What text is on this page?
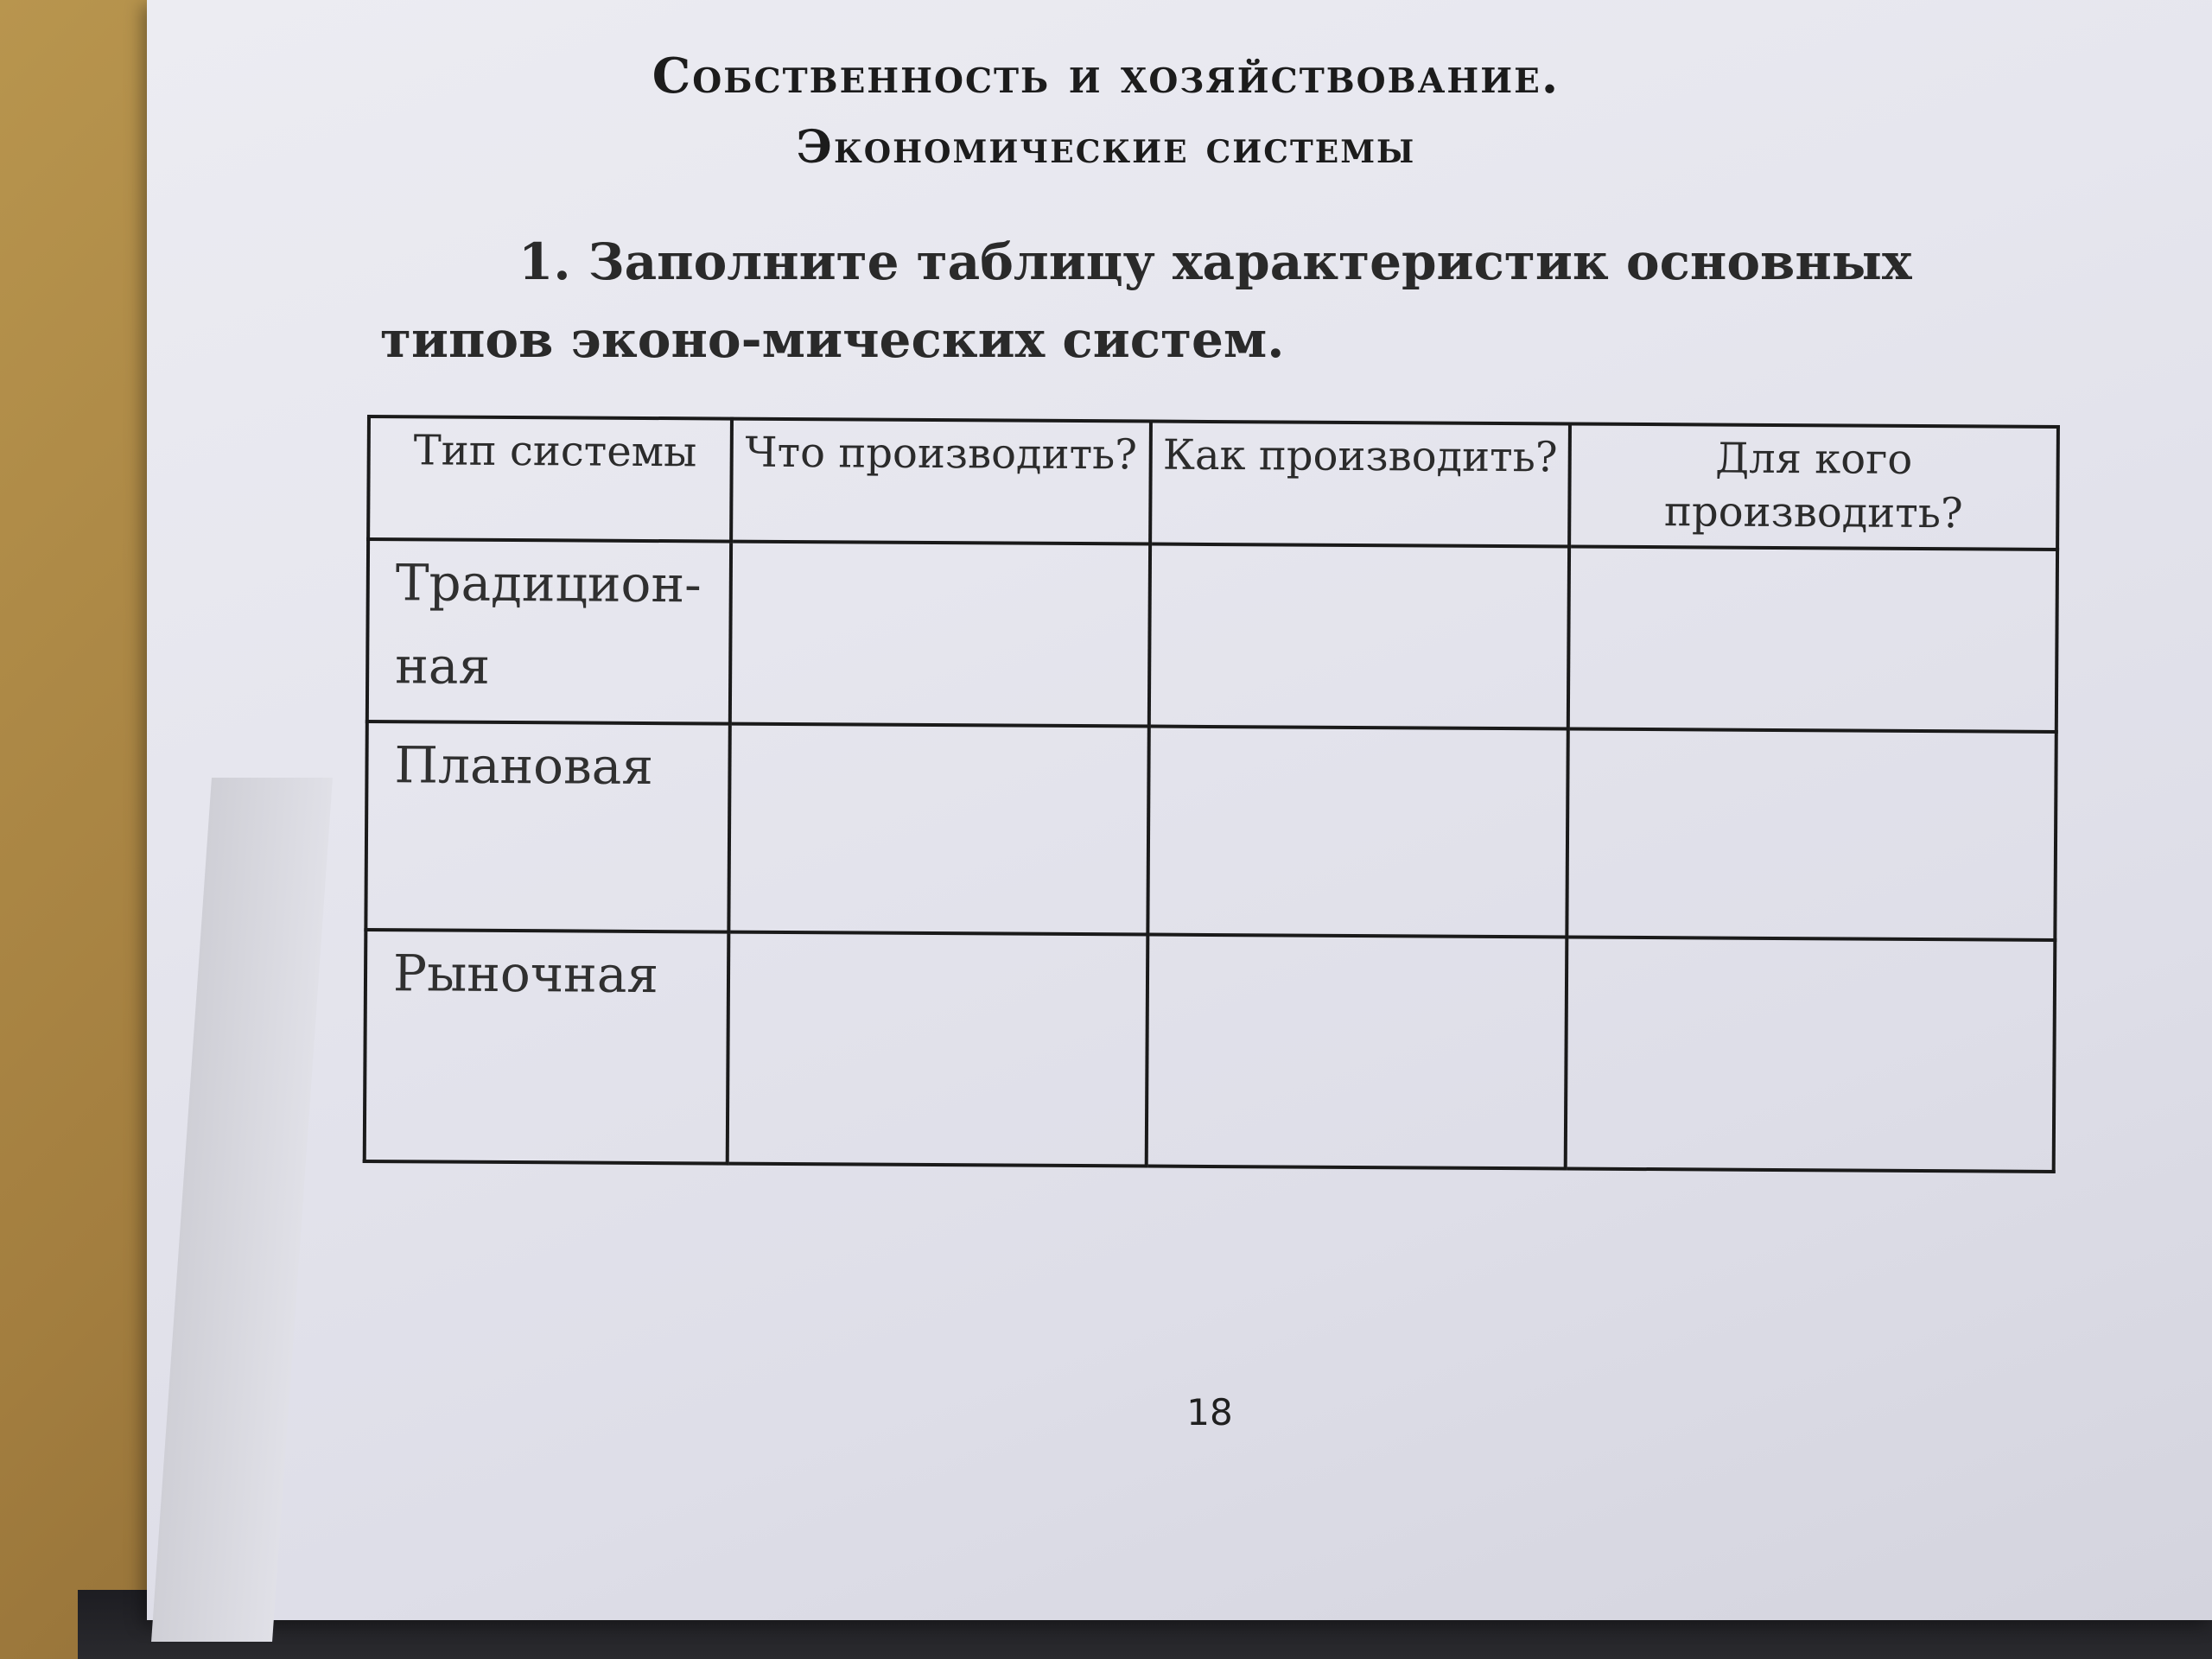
Собственность и хозяйствование.
Экономические системы
1. Заполните таблицу характеристик основных типов эконо-мических систем.
Тип системы	Что производить?	Как производить?	Для кого производить?
Традицион-ная			
Плановая			
Рыночная			
18
